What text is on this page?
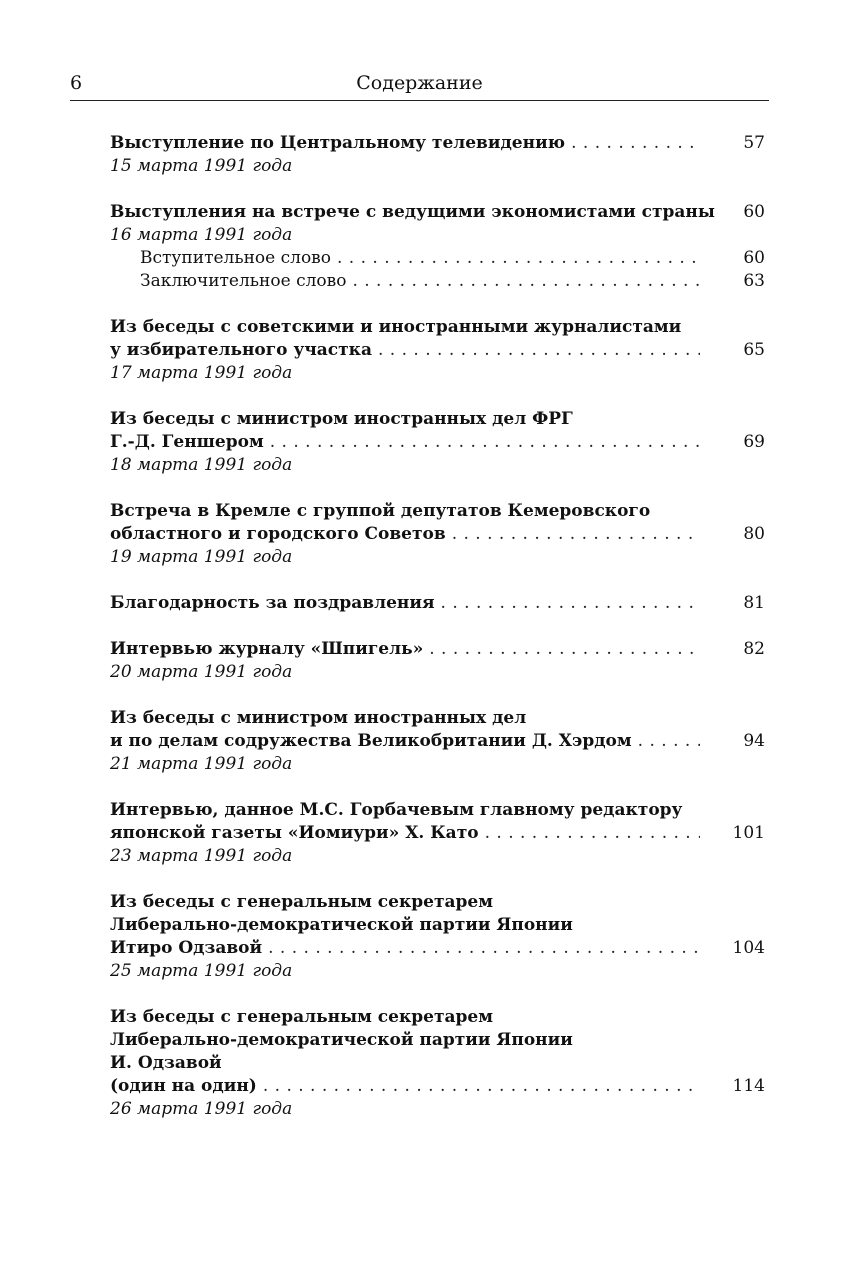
6	Содержание
Выступление по Центральному телевидению . . .	57
15 марта 1991 года
Выступления на встрече с ведущими экономистами страны . . .	60
16 марта 1991 года
Вступительное слово . . .	60
Заключительное слово . . .	63
Из беседы с советскими и иностранными журналистами
у избирательного участка . . .	65
17 марта 1991 года
Из беседы с министром иностранных дел ФРГ
Г.-Д. Геншером . . .	69
18 марта 1991 года
Встреча в Кремле с группой депутатов Кемеровского
областного и городского Советов . . .	80
19 марта 1991 года
Благодарность за поздравления . . .	81
Интервью журналу «Шпигель» . . .	82
20 марта 1991 года
Из беседы с министром иностранных дел
и по делам содружества Великобритании Д. Хэрдом . . .	94
21 марта 1991 года
Интервью, данное М.С. Горбачевым главному редактору
японской газеты «Иомиури» Х. Като . . .	101
23 марта 1991 года
Из беседы с генеральным секретарем
Либерально-демократической партии Японии
Итиро Одзавой . . .	104
25 марта 1991 года
Из беседы с генеральным секретарем
Либерально-демократической партии Японии
И. Одзавой
(один на один) . . .	114
26 марта 1991 года
